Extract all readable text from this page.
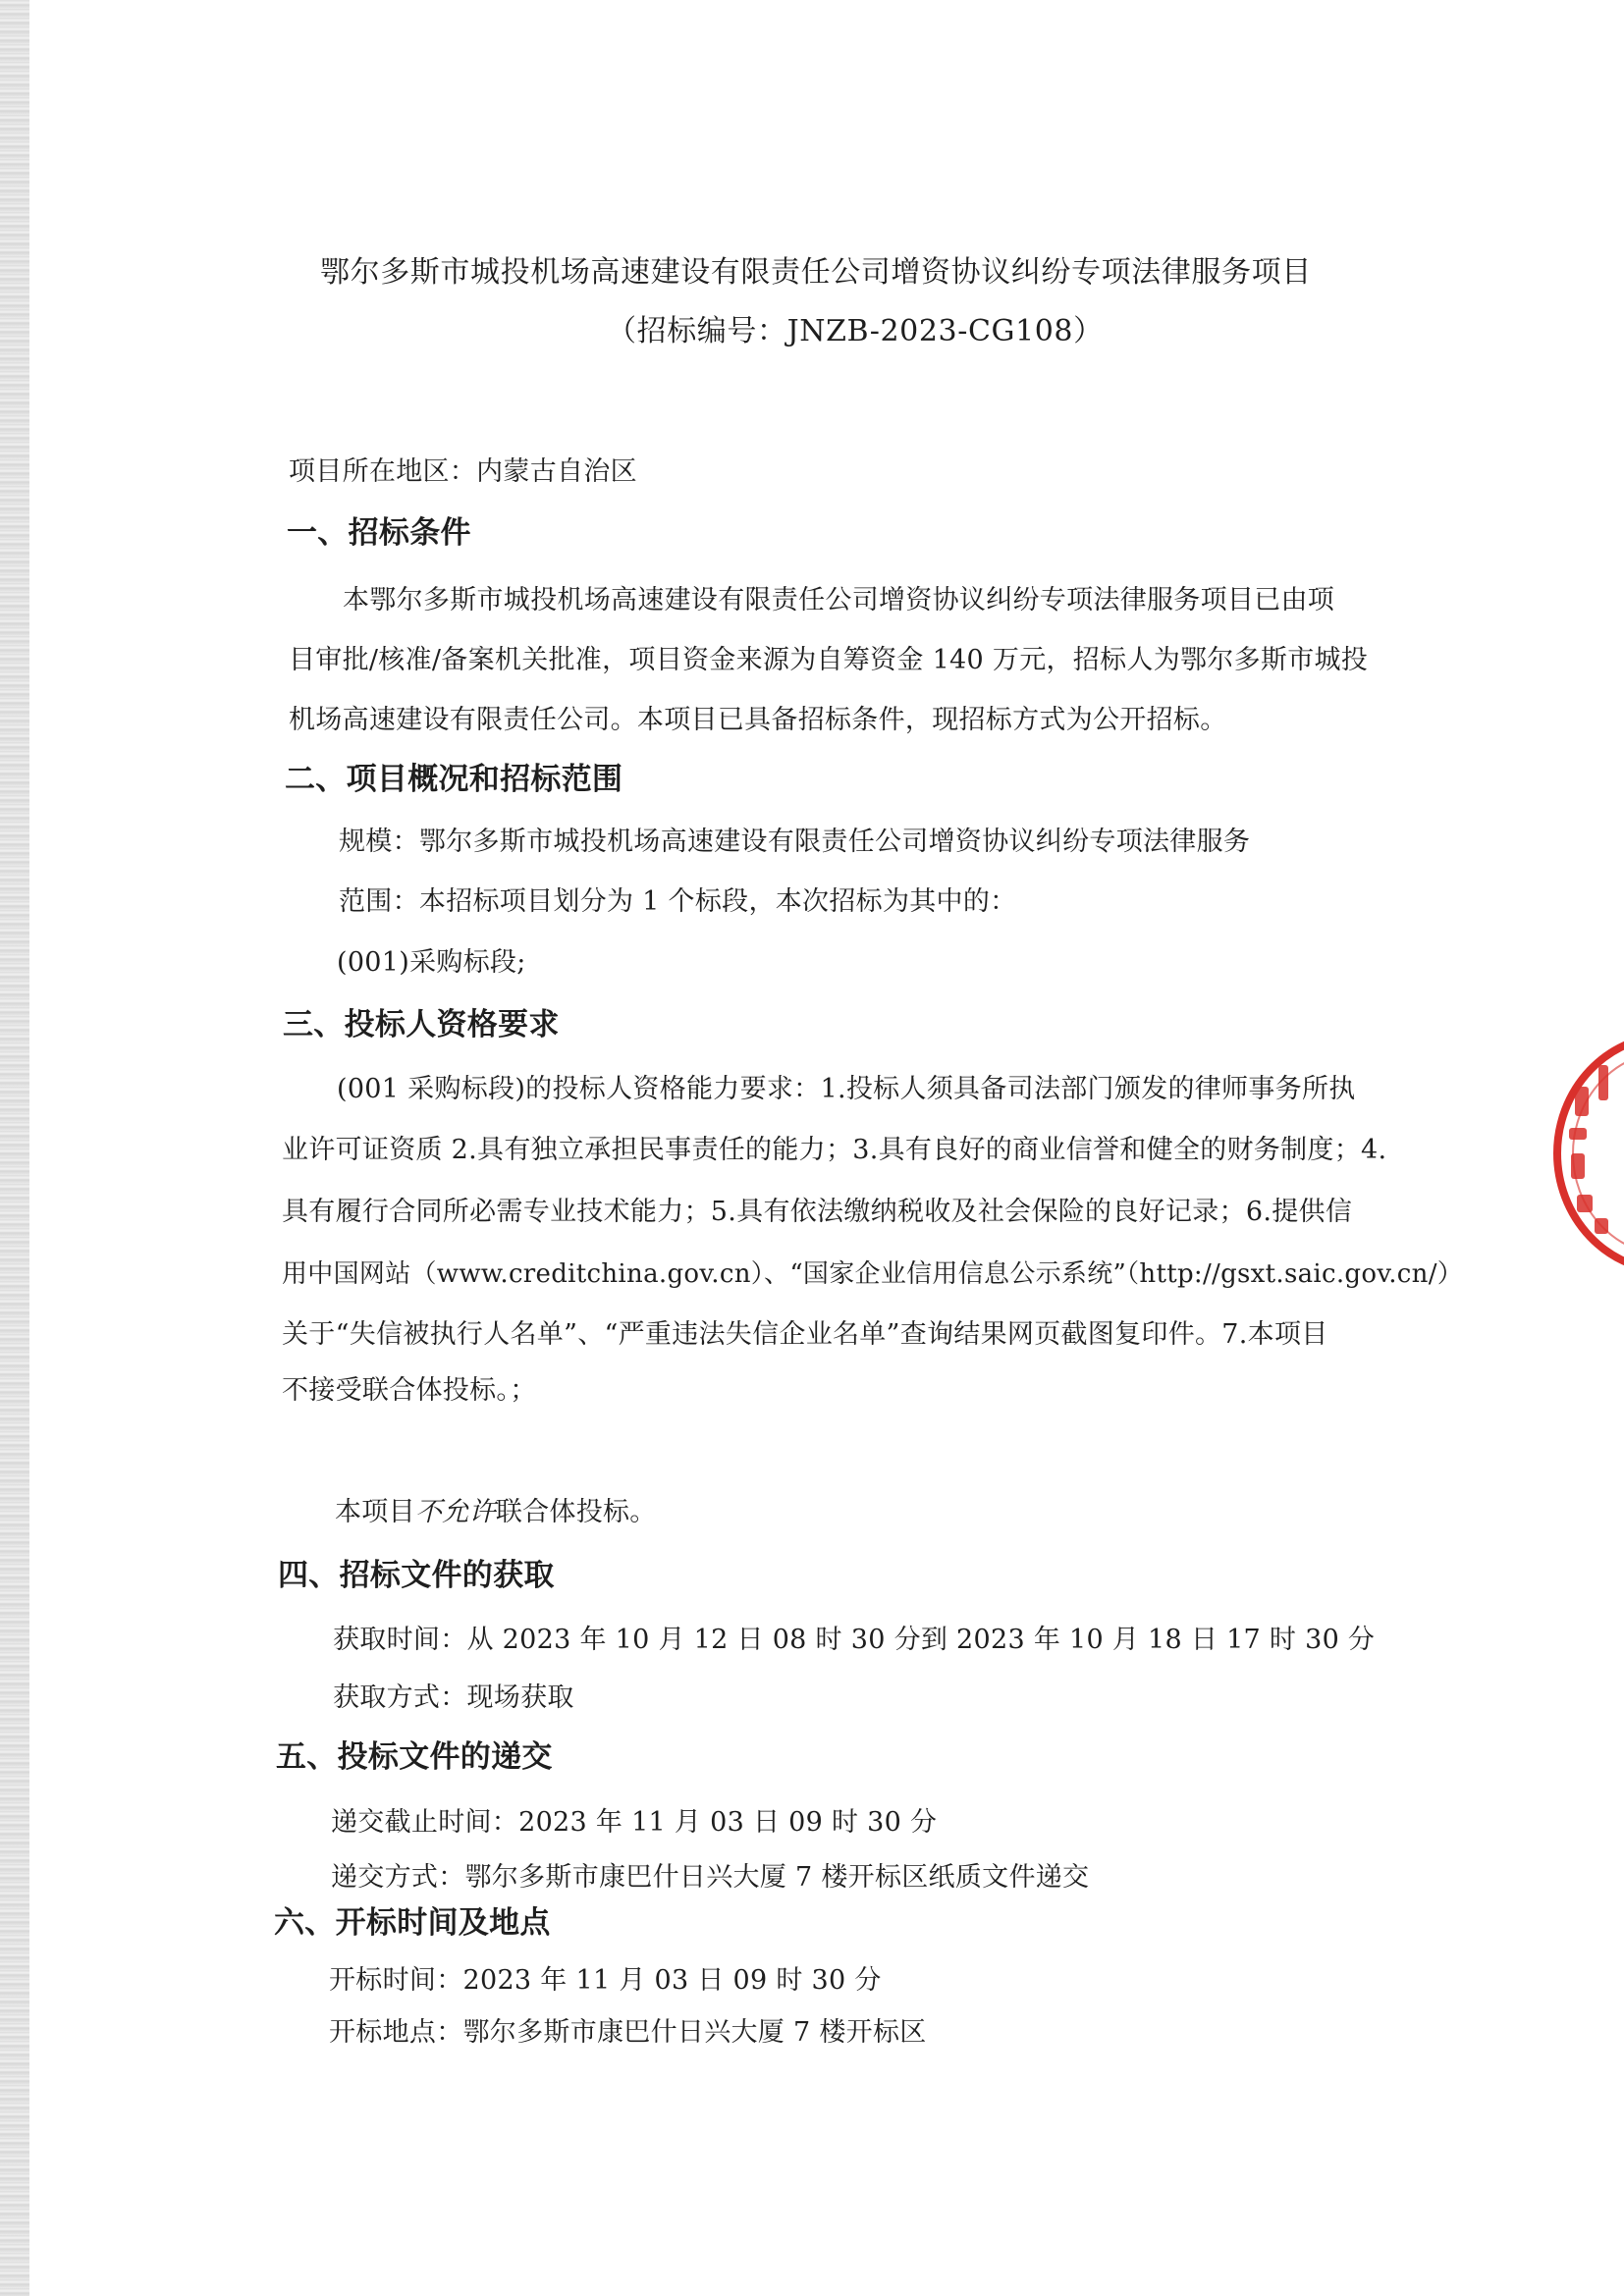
鄂尔多斯市城投机场高速建设有限责任公司增资协议纠纷专项法律服务项目
（招标编号：JNZB-2023-CG108）
项目所在地区：内蒙古自治区
一、招标条件
本鄂尔多斯市城投机场高速建设有限责任公司增资协议纠纷专项法律服务项目已由项
目审批/核准/备案机关批准，项目资金来源为自筹资金 140 万元，招标人为鄂尔多斯市城投
机场高速建设有限责任公司。本项目已具备招标条件，现招标方式为公开招标。
二、项目概况和招标范围
规模：鄂尔多斯市城投机场高速建设有限责任公司增资协议纠纷专项法律服务
范围：本招标项目划分为 1 个标段，本次招标为其中的：
(001)采购标段;
三、投标人资格要求
(001 采购标段)的投标人资格能力要求：1.投标人须具备司法部门颁发的律师事务所执
业许可证资质 2.具有独立承担民事责任的能力；3.具有良好的商业信誉和健全的财务制度；4.
具有履行合同所必需专业技术能力；5.具有依法缴纳税收及社会保险的良好记录；6.提供信
用中国网站（www.creditchina.gov.cn）、“国家企业信用信息公示系统”（http://gsxt.saic.gov.cn/）
关于“失信被执行人名单”、“严重违法失信企业名单”查询结果网页截图复印件。7.本项目
不接受联合体投标。；
本项目不允许联合体投标。
四、招标文件的获取
获取时间：从 2023 年 10 月 12 日 08 时 30 分到 2023 年 10 月 18 日 17 时 30 分
获取方式：现场获取
五、投标文件的递交
递交截止时间：2023 年 11 月 03 日 09 时 30 分
递交方式：鄂尔多斯市康巴什日兴大厦 7 楼开标区纸质文件递交
六、开标时间及地点
开标时间：2023 年 11 月 03 日 09 时 30 分
开标地点：鄂尔多斯市康巴什日兴大厦 7 楼开标区
